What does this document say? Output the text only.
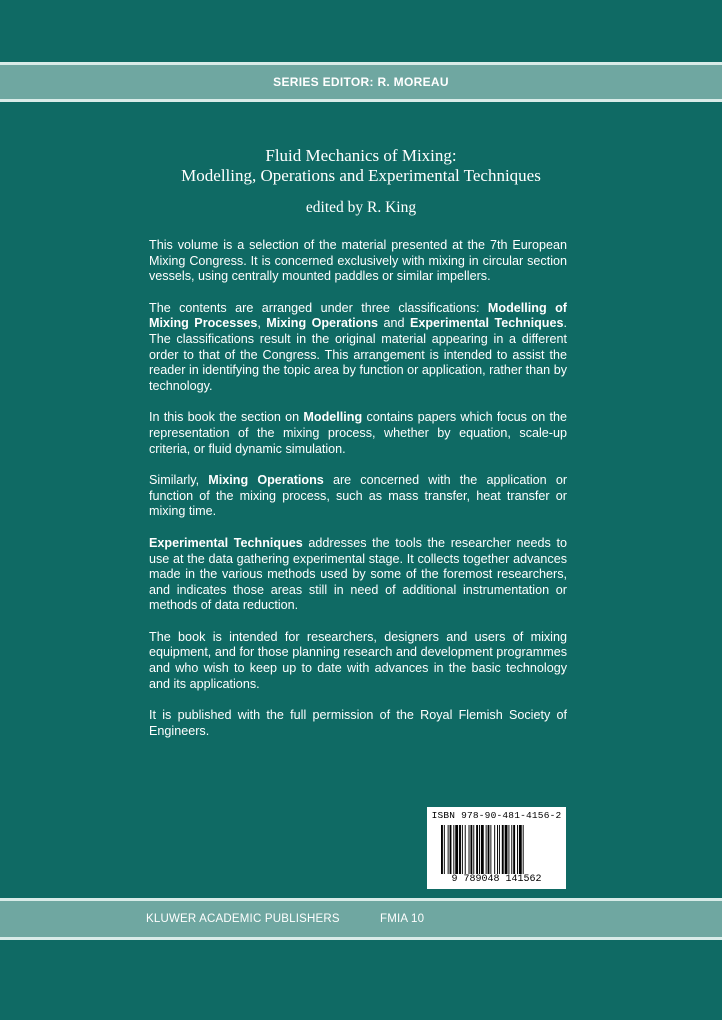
SERIES EDITOR: R. MOREAU
Fluid Mechanics of Mixing:
Modelling, Operations and Experimental Techniques
edited by R. King

This volume is a selection of the material presented at the 7th European Mixing Congress. It is concerned exclusively with mixing in circular section vessels, using centrally mounted paddles or similar impellers.

The contents are arranged under three classifications: Modelling of Mixing Processes, Mixing Operations and Experimental Techniques. The classifications result in the original material appearing in a different order to that of the Congress. This arrangement is intended to assist the reader in identifying the topic area by function or application, rather than by technology.

In this book the section on Modelling contains papers which focus on the representation of the mixing process, whether by equation, scale-up criteria, or fluid dynamic simulation.

Similarly, Mixing Operations are concerned with the application or function of the mixing process, such as mass transfer, heat transfer or mixing time.

Experimental Techniques addresses the tools the researcher needs to use at the data gathering experimental stage. It collects together advances made in the various methods used by some of the foremost researchers, and indicates those areas still in need of additional instrumentation or methods of data reduction.

The book is intended for researchers, designers and users of mixing equipment, and for those planning research and development programmes and who wish to keep up to date with advances in the basic technology and its applications.

It is published with the full permission of the Royal Flemish Society of Engineers.

ISBN 978-90-481-4156-2
9 789048 141562
KLUWER ACADEMIC PUBLISHERS	FMIA 10
